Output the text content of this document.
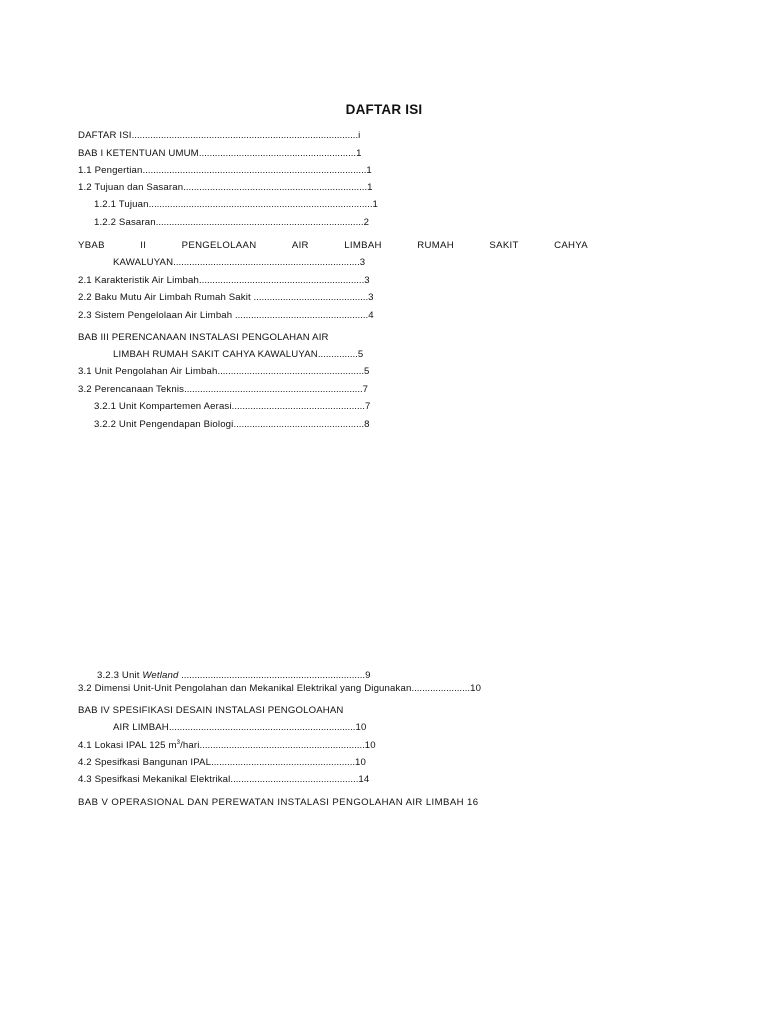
DAFTAR ISI
DAFTAR ISI.....................................................................................i
BAB I KETENTUAN UMUM...........................................................1
1.1 Pengertian....................................................................................1
1.2 Tujuan dan Sasaran.....................................................................1
1.2.1 Tujuan....................................................................................1
1.2.2 Sasaran..............................................................................2
YBAB	II	PENGELOLAAN	AIR	LIMBAH	RUMAH	SAKIT	CAHYA
KAWALUYAN......................................................................3
2.1 Karakteristik Air Limbah..............................................................3
2.2 Baku Mutu Air Limbah Rumah Sakit ...........................................3
2.3 Sistem Pengelolaan Air Limbah ..................................................4
BAB III PERENCANAAN INSTALASI PENGOLAHAN AIR
LIMBAH RUMAH SAKIT CAHYA KAWALUYAN...............5
3.1 Unit Pengolahan Air Limbah.......................................................5
3.2 Perencanaan Teknis...................................................................7
3.2.1 Unit Kompartemen Aerasi..................................................7
3.2.2 Unit Pengendapan Biologi.................................................8
3.2.3 Unit Wetland .....................................................................9
3.2 Dimensi Unit-Unit Pengolahan dan Mekanikal Elektrikal yang Digunakan......................10
BAB IV SPESIFIKASI DESAIN INSTALASI PENGOLOAHAN
AIR LIMBAH......................................................................10
4.1 Lokasi IPAL 125 $m^3/hari..............................................................10$
4.2 Spesifkasi Bangunan IPAL......................................................10
4.3 Spesifkasi Mekanikal Elektrikal................................................14
BAB V OPERASIONAL DAN PEREWATAN INSTALASI PENGOLAHAN AIR LIMBAH 16
